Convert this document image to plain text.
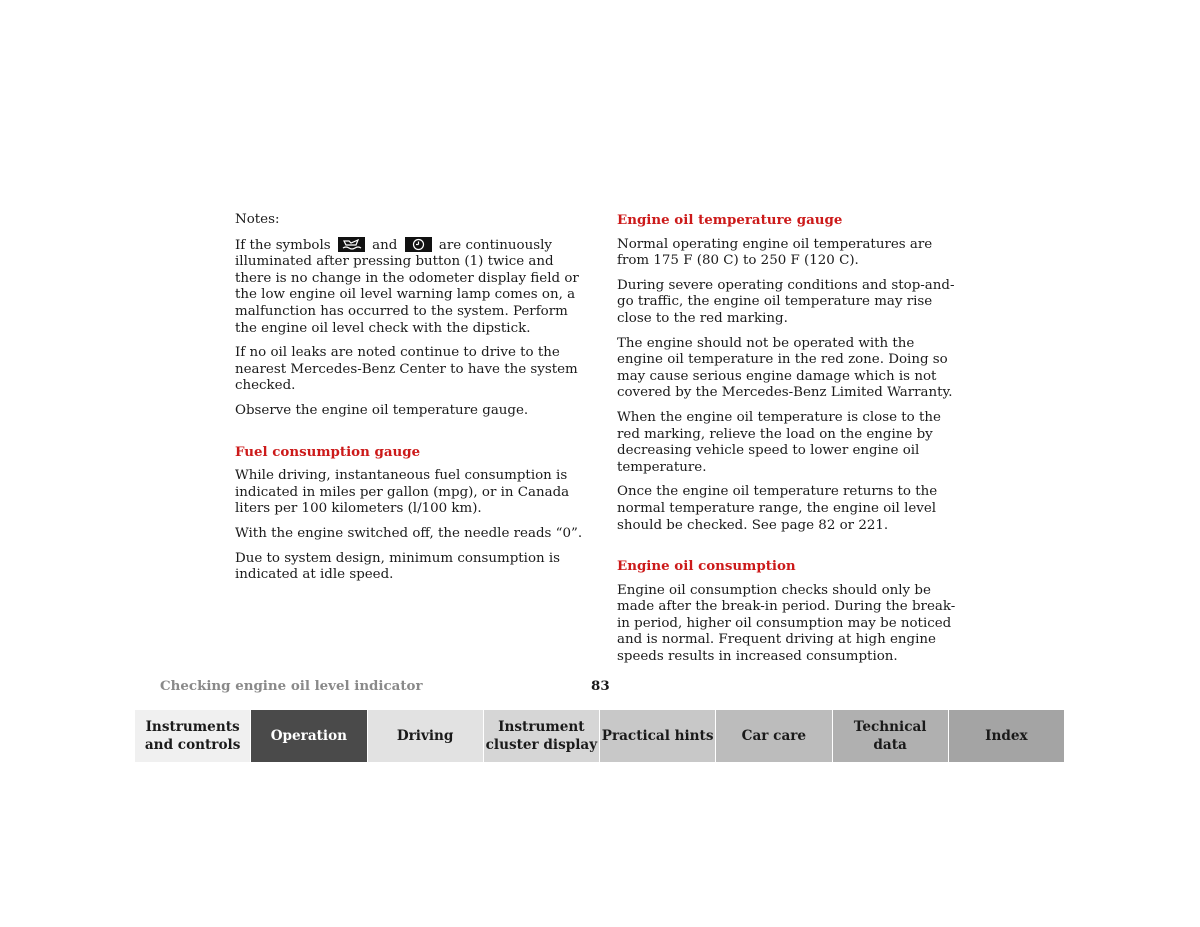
Notes:

If the symbols	and	are continuously illuminated after pressing button (1) twice and there is no change in the odometer display field or the low engine oil level warning lamp comes on, a malfunction has occurred to the system. Perform the engine oil level check with the dipstick.

If no oil leaks are noted continue to drive to the nearest Mercedes-Benz Center to have the system checked.

Observe the engine oil temperature gauge.

Fuel consumption gauge

While driving, instantaneous fuel consumption is indicated in miles per gallon (mpg), or in Canada liters per 100 kilometers (l/100 km).

With the engine switched off, the needle reads “0”.

Due to system design, minimum consumption is indicated at idle speed.

Engine oil temperature gauge

Normal operating engine oil temperatures are from 175 F (80 C) to 250 F (120 C).

During severe operating conditions and stop-and-go traffic, the engine oil temperature may rise close to the red marking.

The engine should not be operated with the engine oil temperature in the red zone. Doing so may cause serious engine damage which is not covered by the Mercedes-Benz Limited Warranty.

When the engine oil temperature is close to the red marking, relieve the load on the engine by decreasing vehicle speed to lower engine oil temperature.

Once the engine oil temperature returns to the normal temperature range, the engine oil level should be checked. See page 82 or 221.

Engine oil consumption

Engine oil consumption checks should only be made after the break-in period. During the break-in period, higher oil consumption may be noticed and is normal. Frequent driving at high engine speeds results in increased consumption.

Checking engine oil level indicator	83
Instruments
and controls
Operation	Driving
Instrument
cluster display
Practical hints	Car care
Technical
data
Index
